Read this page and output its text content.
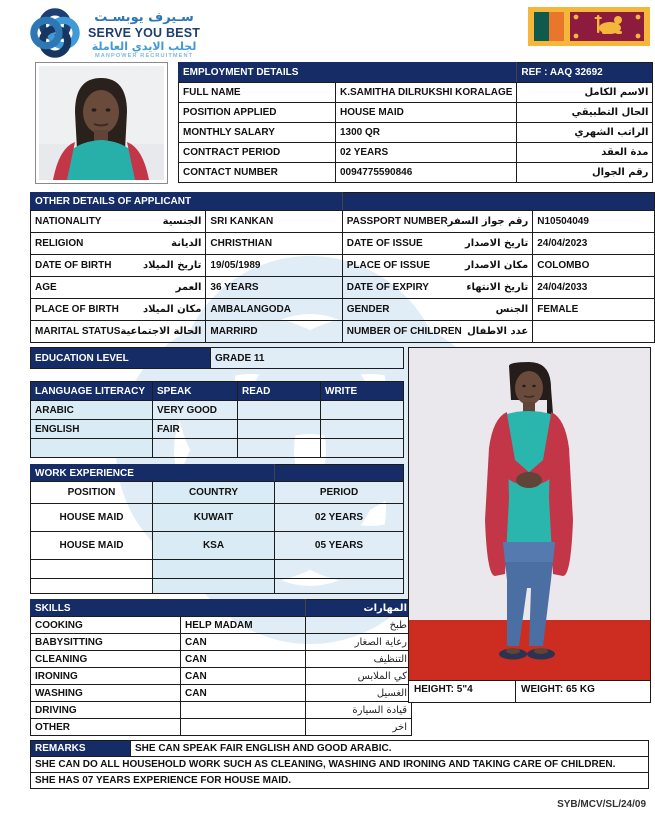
سـيرف يوبسـت
SERVE YOU BEST
لجلب الايدي العاملة
MANPOWER RECRUITMENT
EMPLOYMENT DETAILS		REF : AAQ 32692
FULL NAME	K.SAMITHA DILRUKSHI KORALAGE	الاسم الكامل
POSITION APPLIED	HOUSE MAID	الحال التطبيقي
MONTHLY SALARY	1300 QR	الراتب الشهري
CONTRACT PERIOD	02 YEARS	مدة العقد
CONTACT NUMBER	0094775590846	رقم الجوال
OTHER DETAILS OF APPLICANT			

NATIONALITY الجنسية	SRI KANKAN	PASSPORT NUMBER رقم جواز السفر	N10504049

RELIGION الديانة	CHRISTHIAN	DATE OF ISSUE تاريخ الاصدار	24/04/2023

DATE OF BIRTH تاريخ الميلاد	19/05/1989	PLACE OF ISSUE مكان الاصدار	COLOMBO

AGE العمر	36 YEARS	DATE OF EXPIRY تاريخ الانتهاء	24/04/2033

PLACE OF BIRTH مكان الميلاد	AMBALANGODA	GENDER الجنس	FEMALE

MARITAL STATUS الحالة الاجتماعية	MARRIRD	NUMBER OF CHILDREN عدد الاطفال	

EDUCATION LEVEL	GRADE 11
LANGUAGE LITERACY	SPEAK	READ	WRITE
ARABIC	VERY GOOD		
ENGLISH	FAIR		

WORK EXPERIENCE		
POSITION	COUNTRY	PERIOD
HOUSE MAID	KUWAIT	02 YEARS
HOUSE MAID	KSA	05 YEARS

SKILLS		المهارات
COOKING	HELP MADAM	طبخ
BABYSITTING	CAN	رعاية الصغار
CLEANING	CAN	التنظيف
IRONING	CAN	كي الملابس
WASHING	CAN	الغسيل
DRIVING		قيادة السيارة
OTHER		اخر
HEIGHT: 5"4	WEIGHT: 65 KG
REMARKS	SHE CAN SPEAK FAIR ENGLISH AND GOOD ARABIC.
SHE CAN DO ALL HOUSEHOLD WORK SUCH AS CLEANING, WASHING AND IRONING AND TAKING CARE OF CHILDREN.
SHE HAS 07 YEARS EXPERIENCE FOR HOUSE MAID.
SYB/MCV/SL/24/09
